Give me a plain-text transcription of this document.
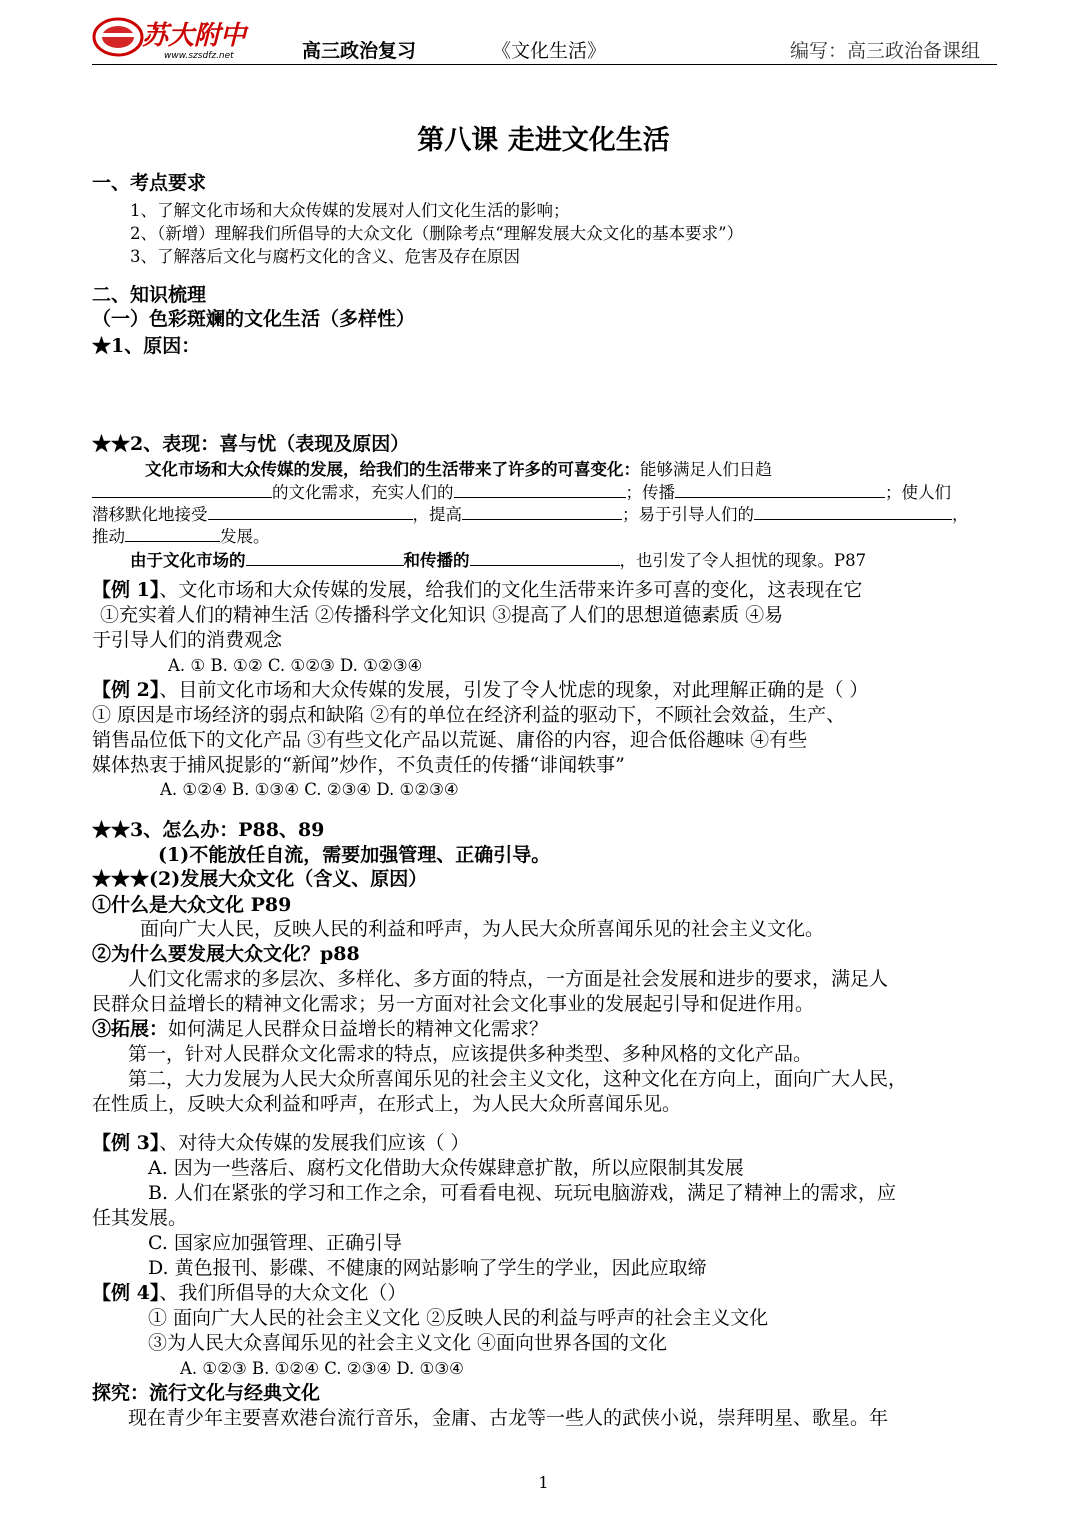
苏大附中
www.szsdfz.net	高三政治复习	《文化生活》	编写：高三政治备课组
第八课 走进文化生活
一、考点要求
1、了解文化市场和大众传媒的发展对人们文化生活的影响；
2、（新增）理解我们所倡导的大众文化（删除考点“理解发展大众文化的基本要求”）
3、了解落后文化与腐朽文化的含义、危害及存在原因
二、知识梳理
（一）色彩斑斓的文化生活（多样性）
★1、原因：
★★2、表现：喜与忧（表现及原因）
文化市场和大众传媒的发展，给我们的生活带来了许多的可喜变化：能够满足人们日趋
的文化需求，充实人们的	；传播	；使人们
潜移默化地接受	，提高	；易于引导人们的	，
推动	发展。
由于文化市场的	和传播的	，也引发了令人担忧的现象。P87
【例 1】、文化市场和大众传媒的发展，给我们的文化生活带来许多可喜的变化，这表现在它
①充实着人们的精神生活 ②传播科学文化知识 ③提高了人们的思想道德素质 ④易
于引导人们的消费观念
A. ① B. ①② C. ①②③ D. ①②③④
【例 2】、目前文化市场和大众传媒的发展，引发了令人忧虑的现象，对此理解正确的是（ ）
① 原因是市场经济的弱点和缺陷 ②有的单位在经济利益的驱动下，不顾社会效益，生产、
销售品位低下的文化产品 ③有些文化产品以荒诞、庸俗的内容，迎合低俗趣味 ④有些
媒体热衷于捕风捉影的“新闻”炒作，不负责任的传播“诽闻轶事”
A. ①②④ B. ①③④ C. ②③④ D. ①②③④
★★3、怎么办：P88、89
(1)不能放任自流，需要加强管理、正确引导。
★★★(2)发展大众文化（含义、原因）
①什么是大众文化 P89
面向广大人民，反映人民的利益和呼声，为人民大众所喜闻乐见的社会主义文化。
②为什么要发展大众文化？p88
人们文化需求的多层次、多样化、多方面的特点，一方面是社会发展和进步的要求，满足人
民群众日益增长的精神文化需求；另一方面对社会文化事业的发展起引导和促进作用。
③拓展：如何满足人民群众日益增长的精神文化需求？
第一，针对人民群众文化需求的特点，应该提供多种类型、多种风格的文化产品。
第二，大力发展为人民大众所喜闻乐见的社会主义文化，这种文化在方向上，面向广大人民，
在性质上，反映大众利益和呼声，在形式上，为人民大众所喜闻乐见。
【例 3】、对待大众传媒的发展我们应该（ ）
A. 因为一些落后、腐朽文化借助大众传媒肆意扩散，所以应限制其发展
B. 人们在紧张的学习和工作之余，可看看电视、玩玩电脑游戏，满足了精神上的需求，应
任其发展。
C. 国家应加强管理、正确引导
D. 黄色报刊、影碟、不健康的网站影响了学生的学业，因此应取缔
【例 4】、我们所倡导的大众文化（）
① 面向广大人民的社会主义文化 ②反映人民的利益与呼声的社会主义文化
③为人民大众喜闻乐见的社会主义文化 ④面向世界各国的文化
A. ①②③ B. ①②④ C. ②③④ D. ①③④
探究：流行文化与经典文化
现在青少年主要喜欢港台流行音乐，金庸、古龙等一些人的武侠小说，崇拜明星、歌星。年
1
